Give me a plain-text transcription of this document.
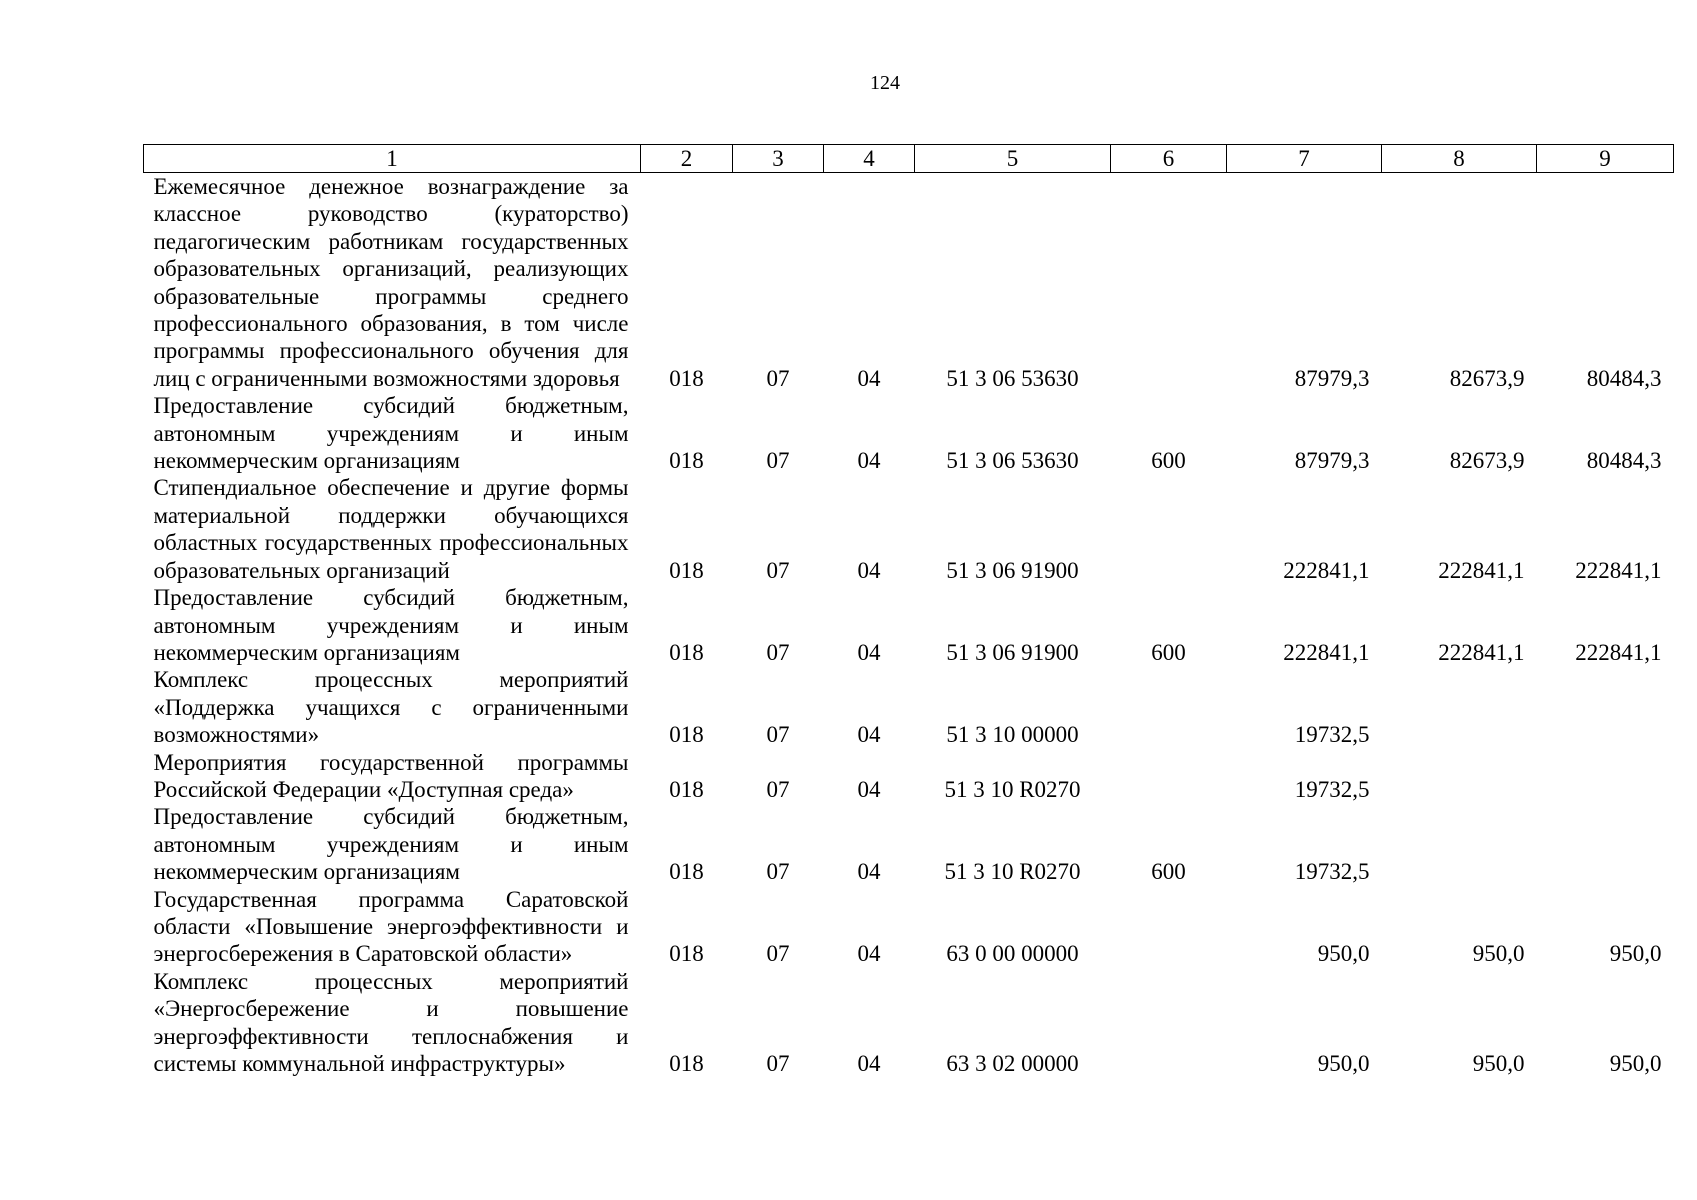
124
1	2	3	4	5	6	7	8	9
Ежемесячное денежное вознаграждение за классное руководство (кураторство) педагогическим работникам государственных образовательных организаций, реализующих образовательные программы среднего профессионального образования, в том числе программы профессионального обучения для лиц с ограниченными возможностями здоровья	018	07	04	51 3 06 53630		87979,3	82673,9	80484,3
Предоставление субсидий бюджетным, автономным учреждениям и иным некоммерческим организациям	018	07	04	51 3 06 53630	600	87979,3	82673,9	80484,3
Стипендиальное обеспечение и другие формы материальной поддержки обучающихся областных государственных профессиональных образовательных организаций	018	07	04	51 3 06 91900		222841,1	222841,1	222841,1
Предоставление субсидий бюджетным, автономным учреждениям и иным некоммерческим организациям	018	07	04	51 3 06 91900	600	222841,1	222841,1	222841,1
Комплекс процессных мероприятий «Поддержка учащихся с ограниченными возможностями»	018	07	04	51 3 10 00000		19732,5		
Мероприятия государственной программы Российской Федерации «Доступная среда»	018	07	04	51 3 10 R0270		19732,5		
Предоставление субсидий бюджетным, автономным учреждениям и иным некоммерческим организациям	018	07	04	51 3 10 R0270	600	19732,5		
Государственная программа Саратовской области «Повышение энергоэффективности и энергосбережения в Саратовской области»	018	07	04	63 0 00 00000		950,0	950,0	950,0
Комплекс процессных мероприятий «Энергосбережение и повышение энергоэффективности теплоснабжения и системы коммунальной инфраструктуры»	018	07	04	63 3 02 00000		950,0	950,0	950,0
